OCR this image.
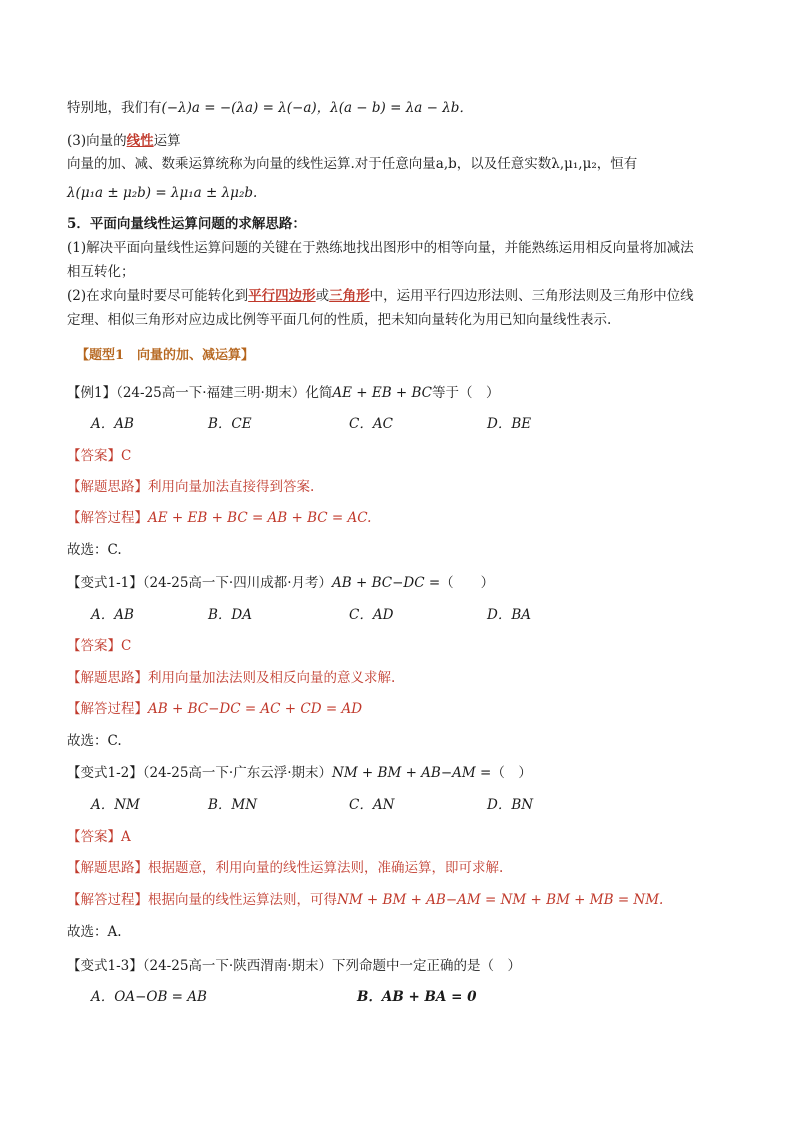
特别地，我们有(−λ)a = −(λa) = λ(−a)，λ(a − b) = λa − λb．
(3)向量的线性运算
向量的加、减、数乘运算统称为向量的线性运算.对于任意向量a,b，以及任意实数λ,μ₁,μ₂，恒有
λ(μ₁a ± μ₂b) = λμ₁a ± λμ₂b.
5．平面向量线性运算问题的求解思路：
(1)解决平面向量线性运算问题的关键在于熟练地找出图形中的相等向量，并能熟练运用相反向量将加减法
相互转化；
(2)在求向量时要尽可能转化到平行四边形或三角形中，运用平行四边形法则、三角形法则及三角形中位线
定理、相似三角形对应边成比例等平面几何的性质，把未知向量转化为用已知向量线性表示.
【题型1　向量的加、减运算】
【例1】（24-25高一下·福建三明·期末）化简AE + EB + BC等于（　）
A．AB	B．CE	C．AC	D．BE
【答案】C
【解题思路】利用向量加法直接得到答案.
【解答过程】AE + EB + BC = AB + BC = AC.
故选：C.
【变式1-1】（24-25高一下·四川成都·月考）AB + BC−DC =（　　）
A．AB	B．DA	C．AD	D．BA
【答案】C
【解题思路】利用向量加法法则及相反向量的意义求解.
【解答过程】AB + BC−DC = AC + CD = AD
故选：C.
【变式1-2】（24-25高一下·广东云浮·期末）NM + BM + AB−AM =（　）
A．NM	B．MN	C．AN	D．BN
【答案】A
【解题思路】根据题意，利用向量的线性运算法则，准确运算，即可求解.
【解答过程】根据向量的线性运算法则，可得NM + BM + AB−AM = NM + BM + MB = NM.
故选：A.
【变式1-3】（24-25高一下·陕西渭南·期末）下列命题中一定正确的是（　）
A．OA−OB = AB	B．AB + BA = 0
